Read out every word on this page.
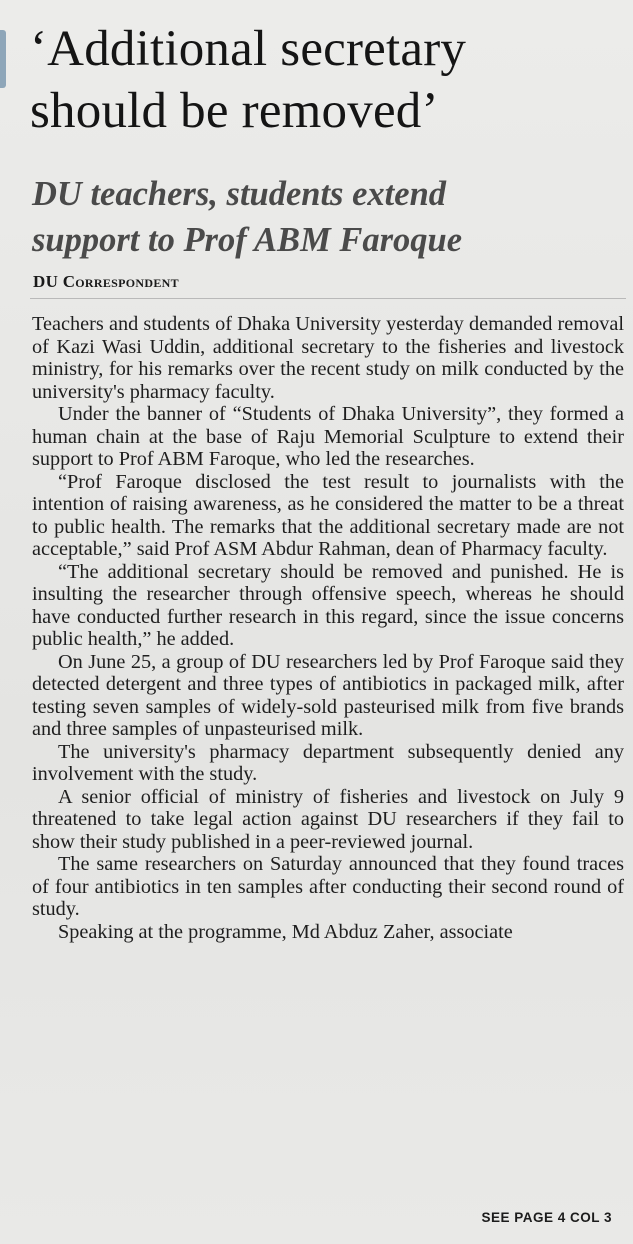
‘Additional secretary
should be removed’
DU teachers, students extend
support to Prof ABM Faroque
DU Correspondent

Teachers and students of Dhaka University yesterday demanded removal of Kazi Wasi Uddin, additional secretary to the fisheries and livestock ministry, for his remarks over the recent study on milk conducted by the university's pharmacy faculty.

Under the banner of “Students of Dhaka University”, they formed a human chain at the base of Raju Memorial Sculpture to extend their support to Prof ABM Faroque, who led the researches.

“Prof Faroque disclosed the test result to journalists with the intention of raising awareness, as he considered the matter to be a threat to public health. The remarks that the additional secretary made are not acceptable,” said Prof ASM Abdur Rahman, dean of Pharmacy faculty.

“The additional secretary should be removed and punished. He is insulting the researcher through offensive speech, whereas he should have conducted further research in this regard, since the issue concerns public health,” he added.

On June 25, a group of DU researchers led by Prof Faroque said they detected detergent and three types of antibiotics in packaged milk, after testing seven samples of widely-sold pasteurised milk from five brands and three samples of unpasteurised milk.

The university's pharmacy department subsequently denied any involvement with the study.

A senior official of ministry of fisheries and livestock on July 9 threatened to take legal action against DU researchers if they fail to show their study published in a peer-reviewed journal.

The same researchers on Saturday announced that they found traces of four antibiotics in ten samples after conducting their second round of study.

Speaking at the programme, Md Abduz Zaher, associate

SEE PAGE 4 COL 3
